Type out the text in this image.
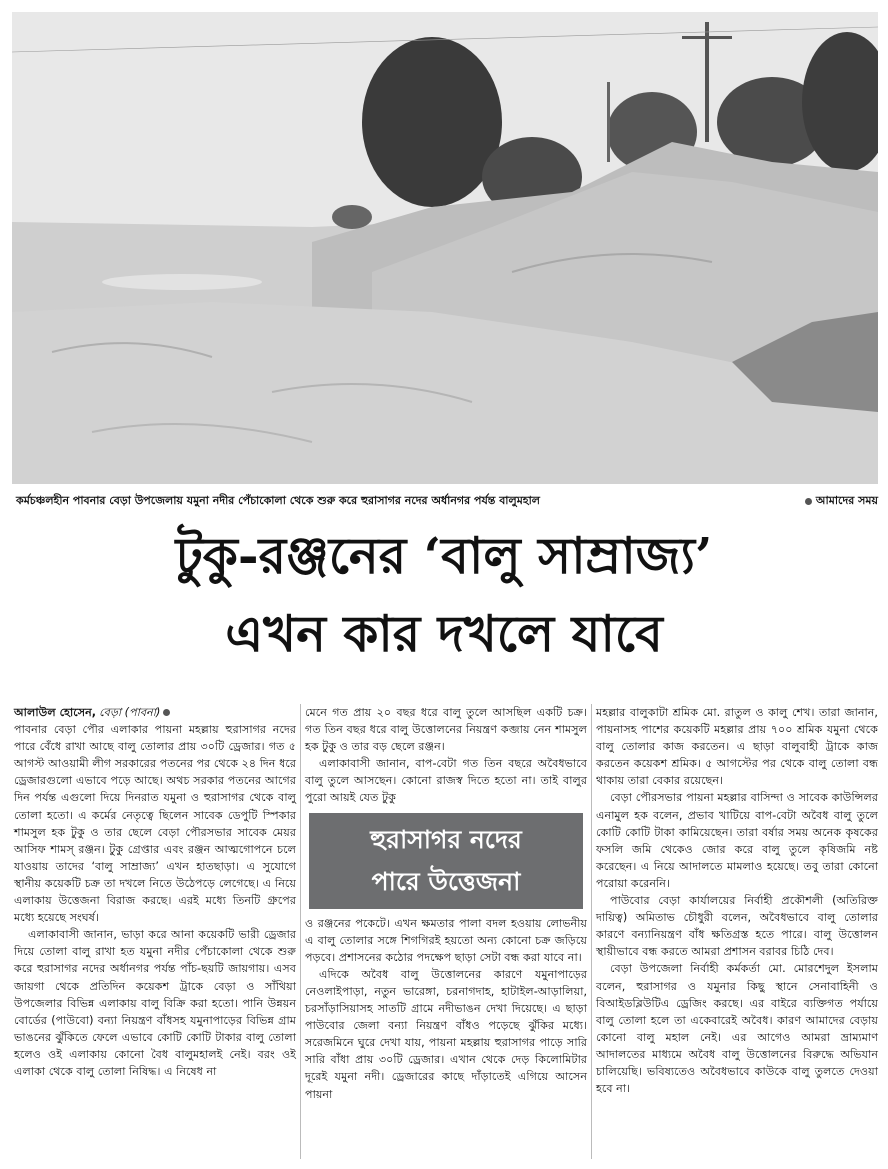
কর্মচঞ্চলহীন পাবনার বেড়া উপজেলায় যমুনা নদীর পেঁচাকোলা থেকে শুরু করে হুরাসাগর নদের অর্ধানগর পর্যন্ত বালুমহাল	আমাদের সময়
টুকু-রঞ্জনের ‘বালু সাম্রাজ্য’
এখন কার দখলে যাবে
আলাউল হোসেন, বেড়া (পাবনা)

পাবনার বেড়া পৌর এলাকার পায়না মহল্লায় হুরাসাগর নদের পারে বেঁধে রাখা আছে বালু তোলার প্রায় ৩০টি ড্রেজার। গত ৫ আগস্ট আওয়ামী লীগ সরকারের পতনের পর থেকে ২৪ দিন ধরে ড্রেজারগুলো এভাবে পড়ে আছে। অথচ সরকার পতনের আগের দিন পর্যন্ত এগুলো দিয়ে দিনরাত যমুনা ও হুরাসাগর থেকে বালু তোলা হতো। এ কর্মের নেতৃত্বে ছিলেন সাবেক ডেপুটি স্পিকার শামসুল হক টুকু ও তার ছেলে বেড়া পৌরসভার সাবেক মেয়র আসিফ শামস্ রঞ্জন। টুকু গ্রেপ্তার এবং রঞ্জন আত্মগোপনে চলে যাওয়ায় তাদের ‘বালু সাম্রাজ্য’ এখন হাতছাড়া। এ সুযোগে স্থানীয় কয়েকটি চক্র তা দখলে নিতে উঠেপড়ে লেগেছে। এ নিয়ে এলাকায় উত্তেজনা বিরাজ করছে। এরই মধ্যে তিনটি গ্রুপের মধ্যে হয়েছে সংঘর্ষ।

এলাকাবাসী জানান, ভাড়া করে আনা কয়েকটি ভারী ড্রেজার দিয়ে তোলা বালু রাখা হত যমুনা নদীর পেঁচাকোলা থেকে শুরু করে হুরাসাগর নদের অর্ধানগর পর্যন্ত পাঁচ-ছয়টি জায়গায়। এসব জায়গা থেকে প্রতিদিন কয়েকশ ট্রাকে বেড়া ও সাঁথিয়া উপজেলার বিভিন্ন এলাকায় বালু বিক্রি করা হতো। পানি উন্নয়ন বোর্ডের (পাউবো) বন্যা নিয়ন্ত্রণ বাঁধসহ যমুনাপাড়ের বিভিন্ন গ্রাম ভাঙনের ঝুঁকিতে ফেলে এভাবে কোটি কোটি টাকার বালু তোলা হলেও ওই এলাকায় কোনো বৈধ বালুমহালই নেই। বরং ওই এলাকা থেকে বালু তোলা নিষিদ্ধ। এ নিষেধ না

মেনে গত প্রায় ২০ বছর ধরে বালু তুলে আসছিল একটি চক্র। গত তিন বছর ধরে বালু উত্তোলনের নিয়ন্ত্রণ কব্জায় নেন শামসুল হক টুকু ও তার বড় ছেলে রঞ্জন।

এলাকাবাসী জানান, বাপ-বেটা গত তিন বছরে অবৈধভাবে বালু তুলে আসছেন। কোনো রাজস্ব দিতে হতো না। তাই বালুর পুরো আয়ই যেত টুকু

হুরাসাগর নদের
পারে উত্তেজনা

ও রঞ্জনের পকেটে। এখন ক্ষমতার পালা বদল হওয়ায় লোভনীয় এ বালু তোলার সঙ্গে শিগগিরই হয়তো অন্য কোনো চক্র জড়িয়ে পড়বে। প্রশাসনের কঠোর পদক্ষেপ ছাড়া সেটা বন্ধ করা যাবে না।

এদিকে অবৈধ বালু উত্তোলনের কারণে যমুনাপাড়ের নেওলাইপাড়া, নতুন ভারেঙ্গা, চরনাগদাহ, হাটাইল-আড়ালিয়া, চরসাঁড়াসিয়াসহ সাতটি গ্রামে নদীভাঙন দেখা দিয়েছে। এ ছাড়া পাউবোর জেলা বন্যা নিয়ন্ত্রণ বাঁধও পড়েছে ঝুঁকির মধ্যে। সরেজমিনে ঘুরে দেখা যায়, পায়না মহল্লায় হুরাসাগর পাড়ে সারি সারি বাঁধা প্রায় ৩০টি ড্রেজার। এখান থেকে দেড় কিলোমিটার দূরেই যমুনা নদী। ড্রেজারের কাছে দাঁড়াতেই এগিয়ে আসেন পায়না

মহল্লার বালুকাটা শ্রমিক মো. রাতুল ও কালু শেখ। তারা জানান, পায়নাসহ পাশের কয়েকটি মহল্লার প্রায় ৭০০ শ্রমিক যমুনা থেকে বালু তোলার কাজ করতেন। এ ছাড়া বালুবাহী ট্রাকে কাজ করতেন কয়েকশ শ্রমিক। ৫ আগস্টের পর থেকে বালু তোলা বন্ধ থাকায় তারা বেকার রয়েছেন।

বেড়া পৌরসভার পায়না মহল্লার বাসিন্দা ও সাবেক কাউন্সিলর এনামুল হক বলেন, প্রভাব খাটিয়ে বাপ-বেটা অবৈধ বালু তুলে কোটি কোটি টাকা কামিয়েছেন। তারা বর্ষার সময় অনেক কৃষকের ফসলি জমি থেকেও জোর করে বালু তুলে কৃষিজমি নষ্ট করেছেন। এ নিয়ে আদালতে মামলাও হয়েছে। তবু তারা কোনো পরোয়া করেননি।

পাউবোর বেড়া কার্যালয়ের নির্বাহী প্রকৌশলী (অতিরিক্ত দায়িত্ব) অমিতাভ চৌধুরী বলেন, অবৈধভাবে বালু তোলার কারণে বন্যানিয়ন্ত্রণ বাঁধ ক্ষতিগ্রস্ত হতে পারে। বালু উত্তোলন স্থায়ীভাবে বন্ধ করতে আমরা প্রশাসন বরাবর চিঠি দেব।

বেড়া উপজেলা নির্বাহী কর্মকর্তা মো. মোরশেদুল ইসলাম বলেন, হুরাসাগর ও যমুনার কিছু স্থানে সেনাবাহিনী ও বিআইডব্লিউটিএ ড্রেজিং করছে। এর বাইরে ব্যক্তিগত পর্যায়ে বালু তোলা হলে তা একেবারেই অবৈধ। কারণ আমাদের বেড়ায় কোনো বালু মহাল নেই। এর আগেও আমরা ভ্রাম্যমাণ আদালতের মাধ্যমে অবৈধ বালু উত্তোলনের বিরুদ্ধে অভিযান চালিয়েছি। ভবিষ্যতেও অবৈধভাবে কাউকে বালু তুলতে দেওয়া হবে না।
